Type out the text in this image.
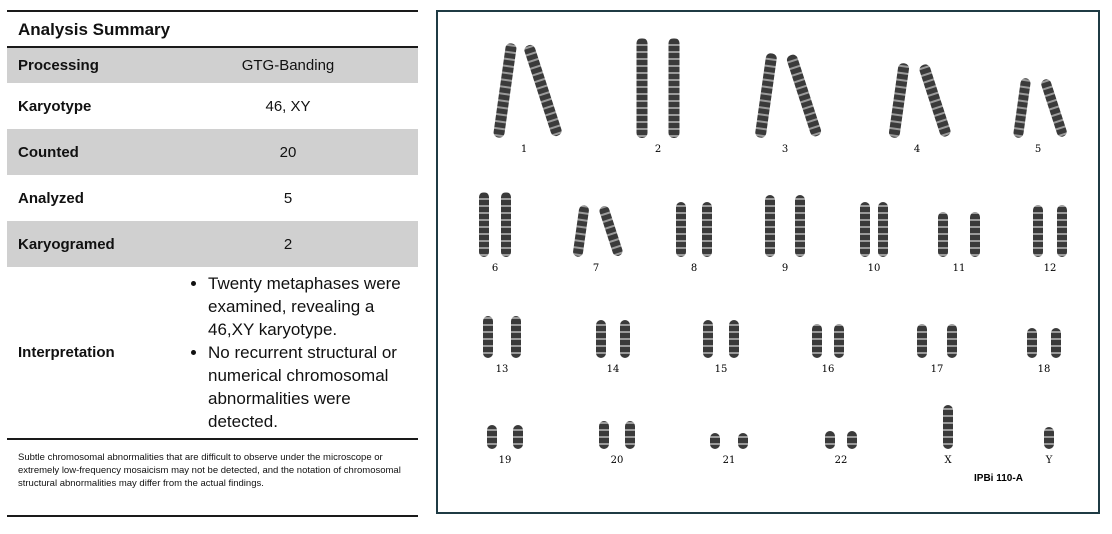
Analysis Summary
Processing	GTG-Banding
Karyotype	46, XY
Counted	20
Analyzed	5
Karyogramed	2
Interpretation
• Twenty metaphases were examined, revealing a 46,XY karyotype.
• No recurrent structural or numerical chromosomal abnormalities were detected.
Subtle chromosomal abnormalities that are difficult to observe under the microscope or extremely low-frequency mosaicism may not be detected, and the notation of chromosomal structural abnormalities may differ from the actual findings.
1	2	3	4	5
6	7	8	9	10	11	12
13	14	15	16	17	18
19	20	21	22	X	Y
IPBi 110-A
